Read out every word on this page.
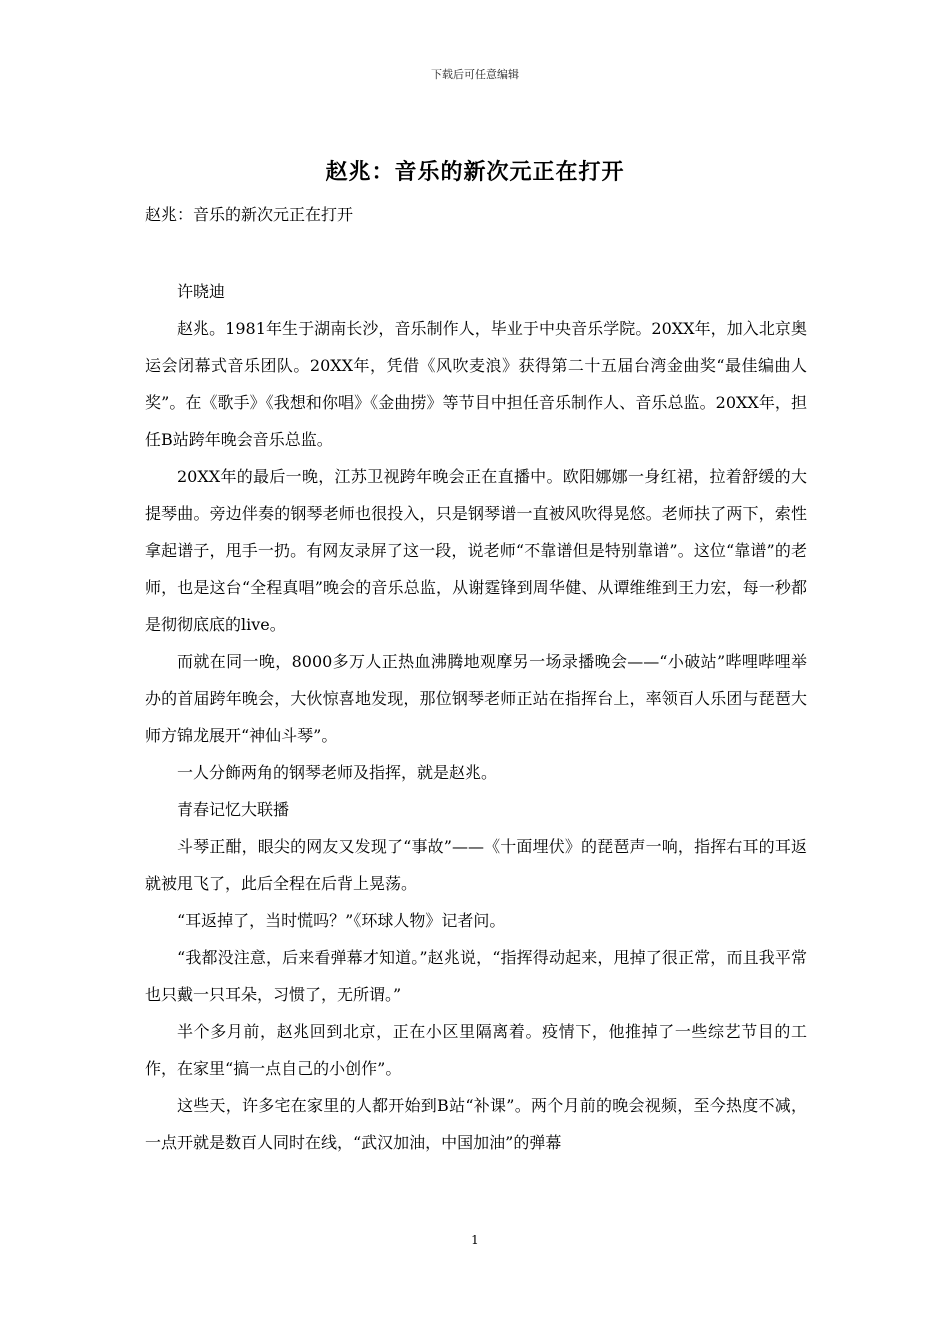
下载后可任意编辑
赵兆：音乐的新次元正在打开
赵兆：音乐的新次元正在打开

许晓迪

赵兆。1981年生于湖南长沙，音乐制作人，毕业于中央音乐学院。20XX年，加入北京奥运会闭幕式音乐团队。20XX年，凭借《风吹麦浪》获得第二十五届台湾金曲奖“最佳编曲人奖”。在《歌手》《我想和你唱》《金曲捞》等节目中担任音乐制作人、音乐总监。20XX年，担任B站跨年晚会音乐总监。

20XX年的最后一晚，江苏卫视跨年晚会正在直播中。欧阳娜娜一身红裙，拉着舒缓的大提琴曲。旁边伴奏的钢琴老师也很投入，只是钢琴谱一直被风吹得晃悠。老师扶了两下，索性拿起谱子，甩手一扔。有网友录屏了这一段，说老师“不靠谱但是特别靠谱”。这位“靠谱”的老师，也是这台“全程真唱”晚会的音乐总监，从谢霆锋到周华健、从谭维维到王力宏，每一秒都是彻彻底底的live。

而就在同一晚，8000多万人正热血沸腾地观摩另一场录播晚会——“小破站”哔哩哔哩举办的首届跨年晚会，大伙惊喜地发现，那位钢琴老师正站在指挥台上，率领百人乐团与琵琶大师方锦龙展开“神仙斗琴”。

一人分飾两角的钢琴老师及指挥，就是赵兆。

青春记忆大联播

斗琴正酣，眼尖的网友又发现了“事故”——《十面埋伏》的琵琶声一响，指挥右耳的耳返就被甩飞了，此后全程在后背上晃荡。

“耳返掉了，当时慌吗？”《环球人物》记者问。

“我都没注意，后来看弹幕才知道。”赵兆说，“指挥得动起来，甩掉了很正常，而且我平常也只戴一只耳朵，习惯了，无所谓。”

半个多月前，赵兆回到北京，正在小区里隔离着。疫情下，他推掉了一些综艺节目的工作，在家里“搞一点自己的小创作”。

这些天，许多宅在家里的人都开始到B站“补课”。两个月前的晚会视频，至今热度不减，一点开就是数百人同时在线，“武汉加油，中国加油”的弹幕

1
